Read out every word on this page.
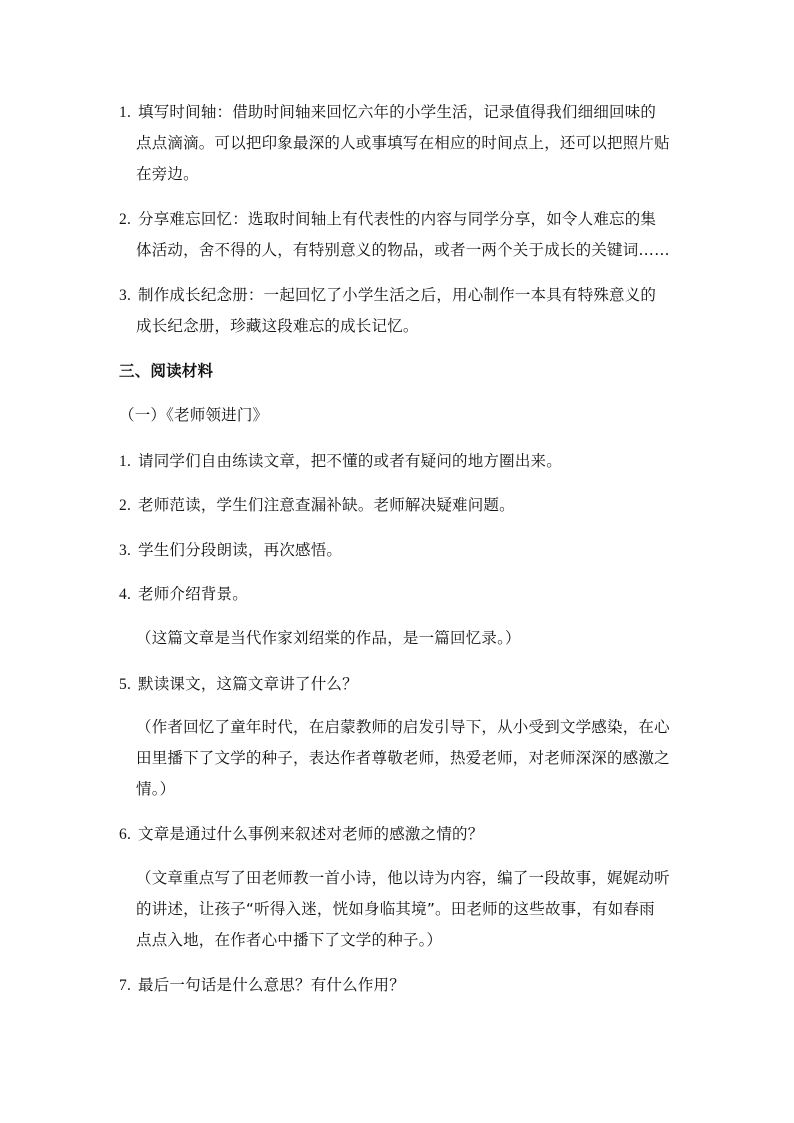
1. 填写时间轴：借助时间轴来回忆六年的小学生活，记录值得我们细细回味的
点点滴滴。可以把印象最深的人或事填写在相应的时间点上，还可以把照片贴
在旁边。
2. 分享难忘回忆：选取时间轴上有代表性的内容与同学分享，如令人难忘的集
体活动，舍不得的人，有特别意义的物品，或者一两个关于成长的关键词……
3. 制作成长纪念册：一起回忆了小学生活之后，用心制作一本具有特殊意义的
成长纪念册，珍藏这段难忘的成长记忆。
三、阅读材料
（一）《老师领进门》
1. 请同学们自由练读文章，把不懂的或者有疑问的地方圈出来。
2. 老师范读，学生们注意查漏补缺。老师解决疑难问题。
3. 学生们分段朗读，再次感悟。
4. 老师介绍背景。
（这篇文章是当代作家刘绍棠的作品，是一篇回忆录。）
5. 默读课文，这篇文章讲了什么？
（作者回忆了童年时代，在启蒙教师的启发引导下，从小受到文学感染，在心
田里播下了文学的种子，表达作者尊敬老师，热爱老师，对老师深深的感激之
情。）
6. 文章是通过什么事例来叙述对老师的感激之情的？
（文章重点写了田老师教一首小诗，他以诗为内容，编了一段故事，娓娓动听
的讲述，让孩子“听得入迷，恍如身临其境”。田老师的这些故事，有如春雨
点点入地，在作者心中播下了文学的种子。）
7. 最后一句话是什么意思？有什么作用？
